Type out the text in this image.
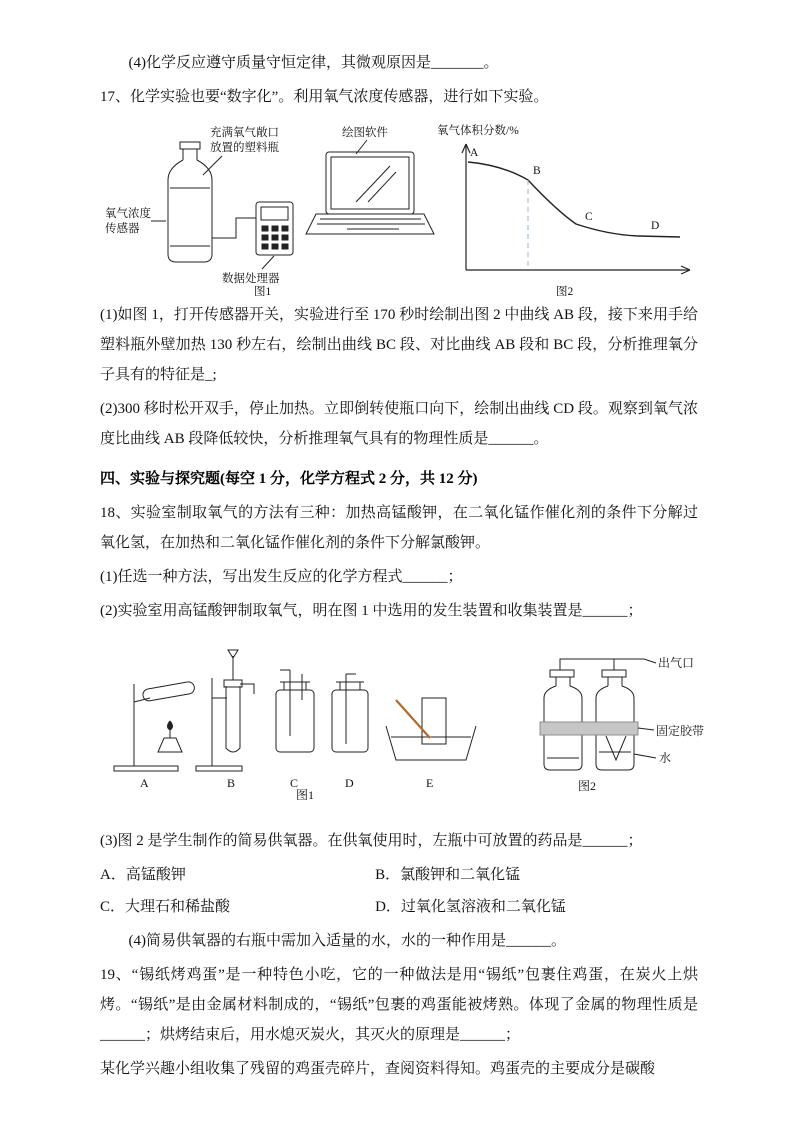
(4)化学反应遵守质量守恒定律，其微观原因是_______。
17、化学实验也要“数字化”。利用氧气浓度传感器，进行如下实验。
充满氧气敞口
放置的塑料瓶
氧气浓度
传感器
数据处理器
绘图软件
图1
氧气体积分数/%
A
B
C
D
图2
(1)如图 1，打开传感器开关，实验进行至 170 秒时绘制出图 2 中曲线 AB 段，接下来用手给塑料瓶外壁加热 130 秒左右，绘制出曲线 BC 段、对比曲线 AB 段和 BC 段，分析推理氧分子具有的特征是_;
(2)300 移时松开双手，停止加热。立即倒转使瓶口向下，绘制出曲线 CD 段。观察到氧气浓度比曲线 AB 段降低较快，分析推理氧气具有的物理性质是______。
四、实验与探究题(每空 1 分，化学方程式 2 分，共 12 分)
18、实验室制取氧气的方法有三种：加热高锰酸钾，在二氧化锰作催化剂的条件下分解过氧化氢，在加热和二氧化锰作催化剂的条件下分解氯酸钾。
(1)任选一种方法，写出发生反应的化学方程式______；
(2)实验室用高锰酸钾制取氧气，明在图 1 中选用的发生装置和收集装置是______；
A	B	C	D	E
图1
出气口
固定胶带
水
图2
(3)图 2 是学生制作的简易供氧器。在供氧使用时，左瓶中可放置的药品是______；
A．高锰酸钾	B．氯酸钾和二氧化锰
C．大理石和稀盐酸	D．过氧化氢溶液和二氧化锰
(4)简易供氧器的右瓶中需加入适量的水，水的一种作用是______。
19、“锡纸烤鸡蛋”是一种特色小吃，它的一种做法是用“锡纸”包裹住鸡蛋，在炭火上烘烤。“锡纸”是由金属材料制成的，“锡纸”包裹的鸡蛋能被烤熟。体现了金属的物理性质是______；烘烤结束后，用水熄灭炭火，其灭火的原理是______；
某化学兴趣小组收集了残留的鸡蛋壳碎片，查阅资料得知。鸡蛋壳的主要成分是碳酸
